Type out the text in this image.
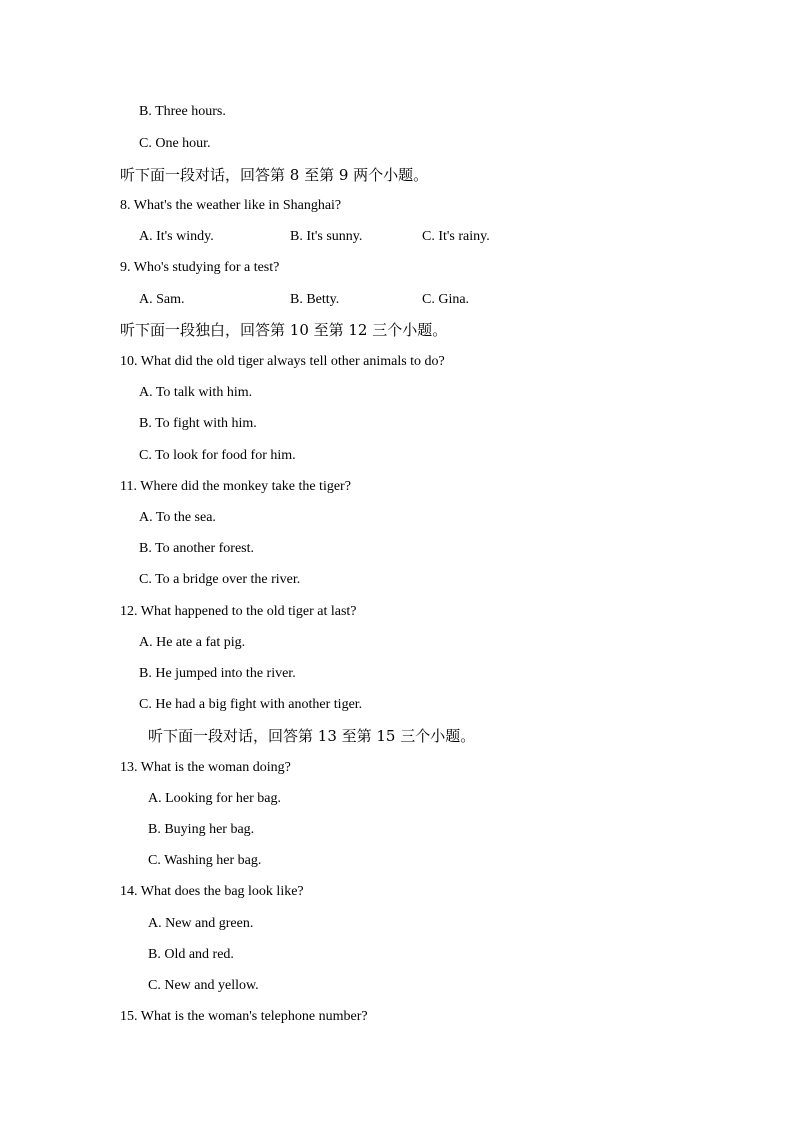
B. Three hours.
C. One hour.
听下面一段对话，回答第 8 至第 9 两个小题。
8. What's the weather like in Shanghai?
A. It's windy.	B. It's sunny.	C. It's rainy.
9. Who's studying for a test?
A. Sam.	B. Betty.	C. Gina.
听下面一段独白，回答第 10 至第 12 三个小题。
10. What did the old tiger always tell other animals to do?
A. To talk with him.
B. To fight with him.
C. To look for food for him.
11. Where did the monkey take the tiger?
A. To the sea.
B. To another forest.
C. To a bridge over the river.
12. What happened to the old tiger at last?
A. He ate a fat pig.
B. He jumped into the river.
C. He had a big fight with another tiger.
听下面一段对话，回答第 13 至第 15 三个小题。
13. What is the woman doing?
A. Looking for her bag.
B. Buying her bag.
C. Washing her bag.
14. What does the bag look like?
A. New and green.
B. Old and red.
C. New and yellow.
15. What is the woman's telephone number?
